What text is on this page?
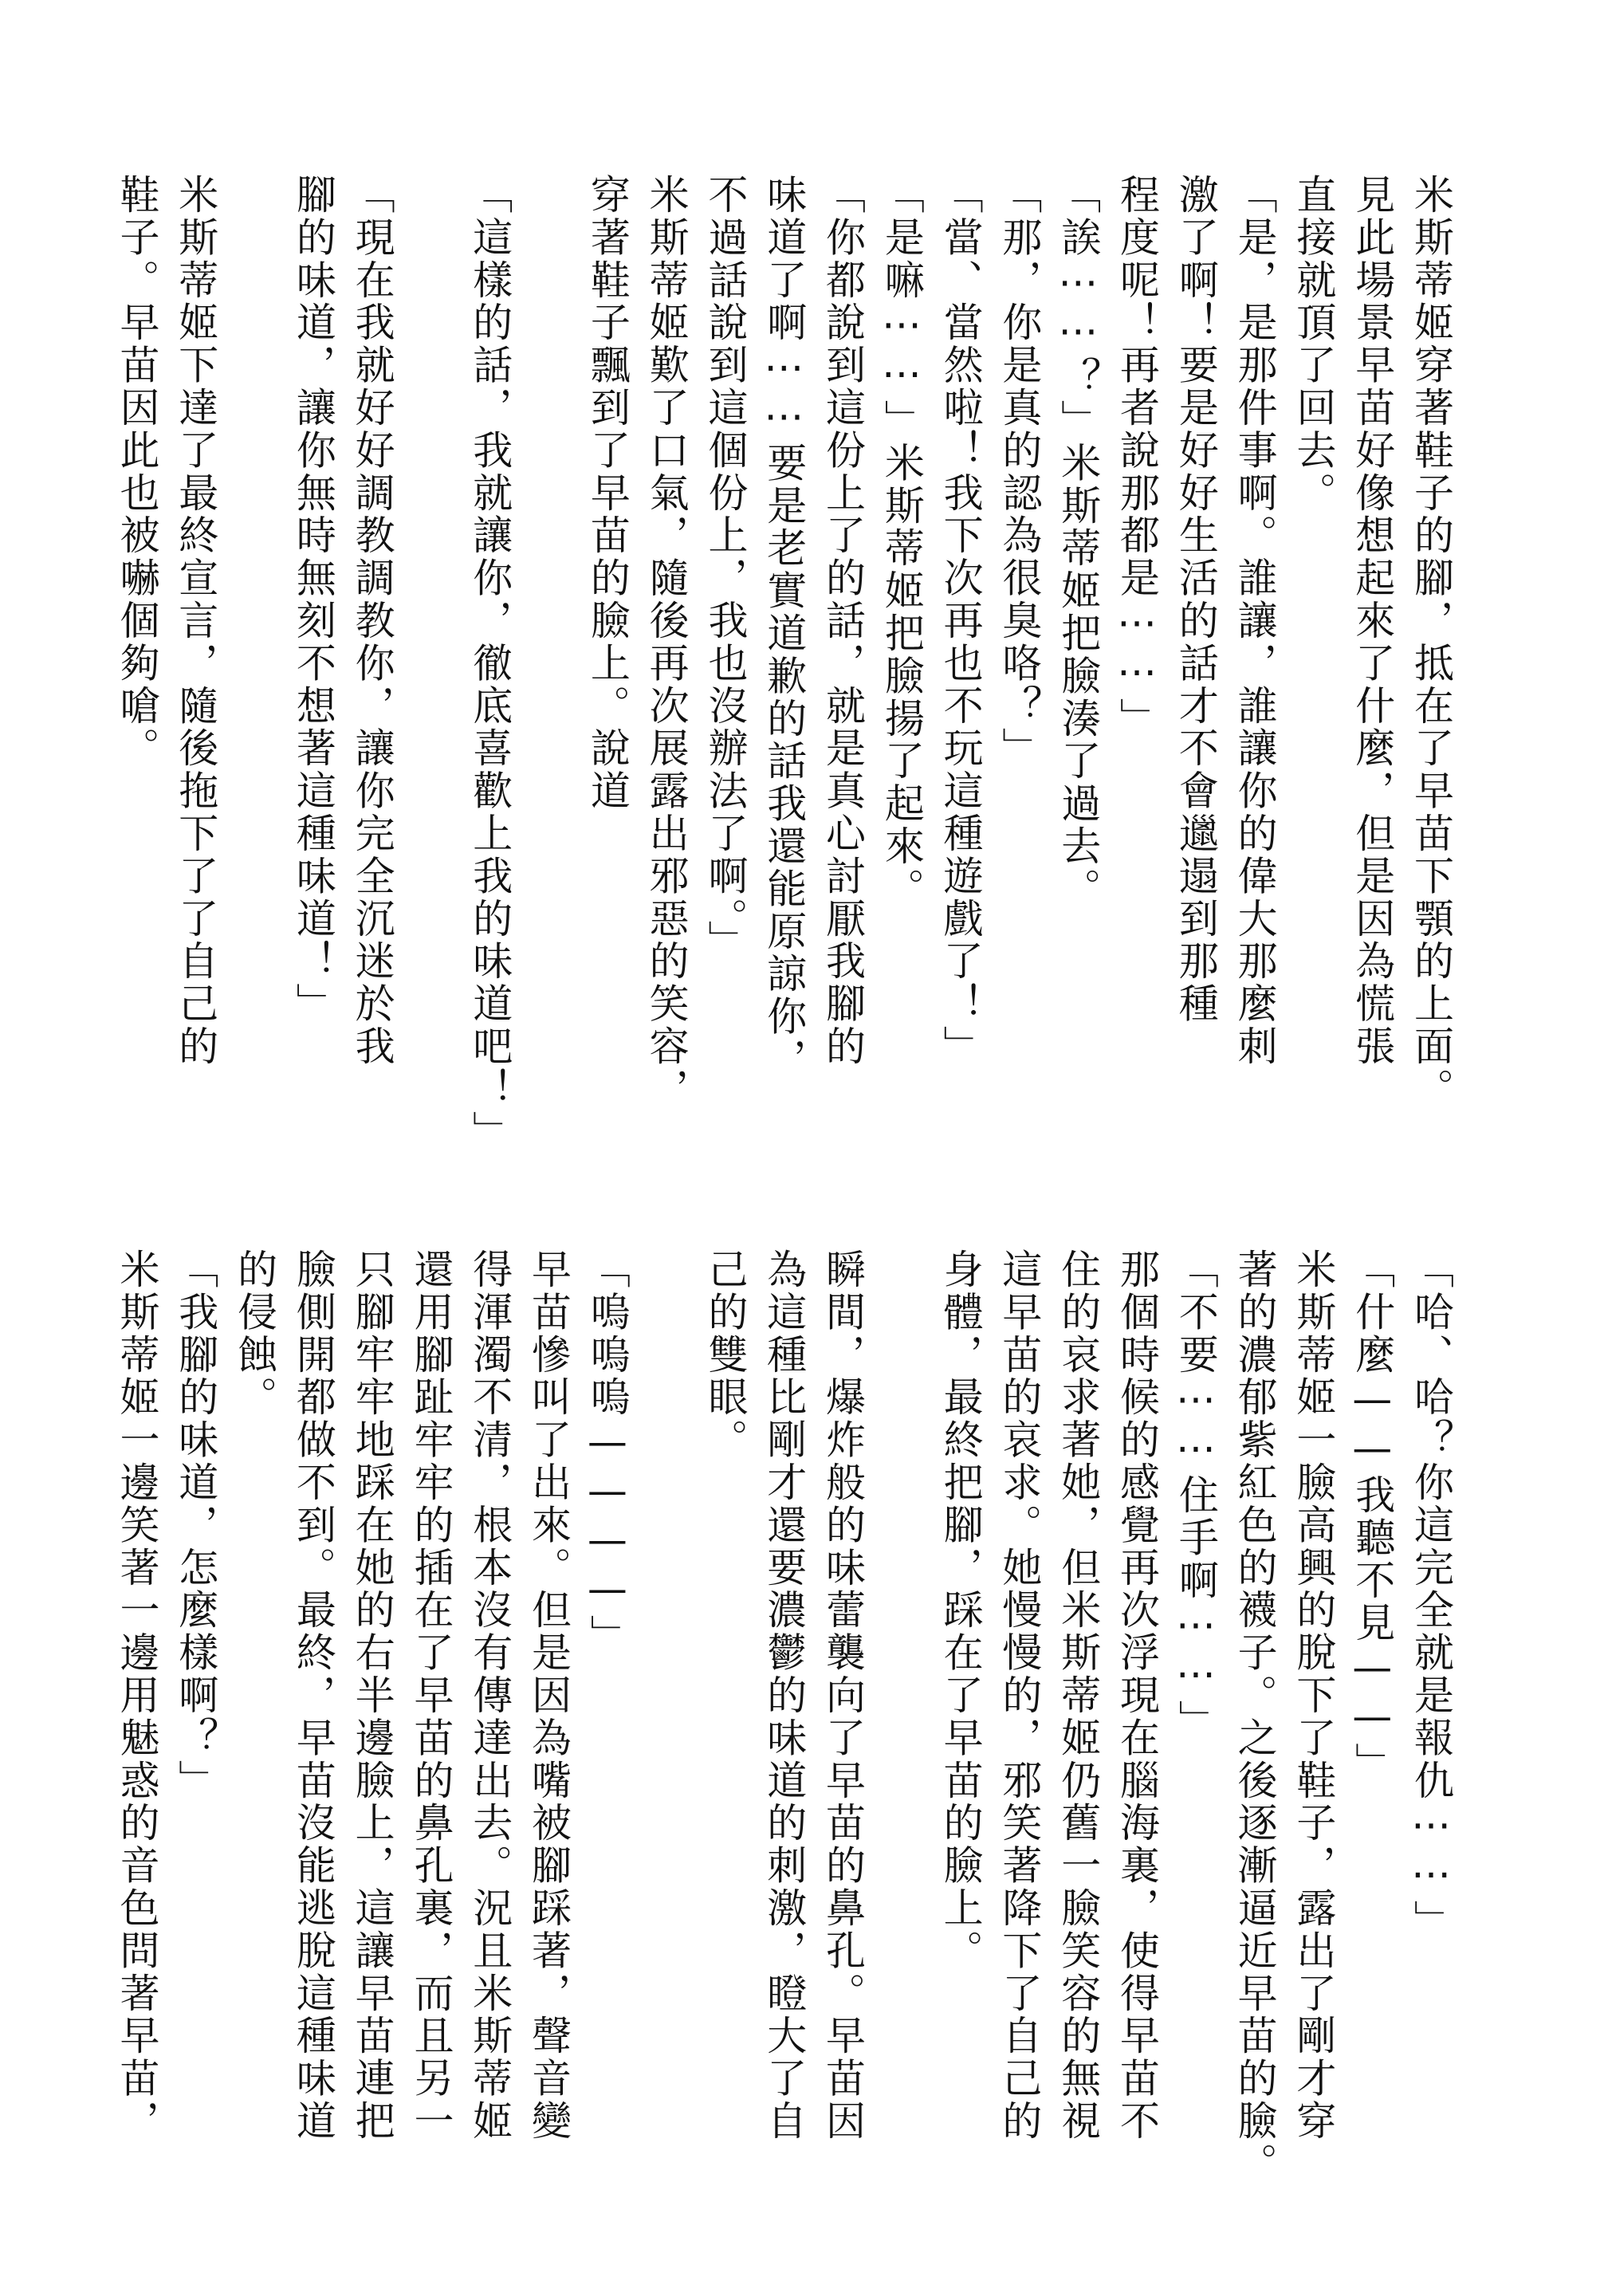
米斯蒂姬穿著鞋子的腳，抵在了早苗下顎的上面。
見此場景早苗好像想起來了什麼，但是因為慌張
直接就頂了回去。
「是，是那件事啊。誰讓，誰讓你的偉大那麼刺
激了啊！要是好好生活的話才不會邋遢到那種
程度呢！再者說那都是⋯⋯」
「誒⋯⋯？」米斯蒂姬把臉湊了過去。
「那，你是真的認為很臭咯？」
「當、當然啦！我下次再也不玩這種遊戲了！」
「是嘛⋯⋯」米斯蒂姬把臉揚了起來。
「你都說到這份上了的話，就是真心討厭我腳的
味道了啊⋯⋯要是老實道歉的話我還能原諒你，
不過話說到這個份上，我也沒辦法了啊。」
米斯蒂姬歎了口氣，隨後再次展露出邪惡的笑容，
穿著鞋子飄到了早苗的臉上。說道
「這樣的話，我就讓你，徹底喜歡上我的味道吧！」
「現在我就好好調教調教你，讓你完全沉迷於我
腳的味道，讓你無時無刻不想著這種味道！」
米斯蒂姬下達了最終宣言，隨後拖下了了自己的
鞋子。早苗因此也被嚇個夠嗆。
「哈、哈？你這完全就是報仇⋯⋯」
「什麼——我聽不見——」
米斯蒂姬一臉高興的脫下了鞋子，露出了剛才穿
著的濃郁紫紅色的襪子。之後逐漸逼近早苗的臉。
「不要⋯⋯住手啊⋯⋯」
那個時候的感覺再次浮現在腦海裏，使得早苗不
住的哀求著她，但米斯蒂姬仍舊一臉笑容的無視
這早苗的哀求。她慢慢的，邪笑著降下了自己的
身體，最終把腳，踩在了早苗的臉上。
瞬間，爆炸般的味蕾襲向了早苗的鼻孔。早苗因
為這種比剛才還要濃鬱的味道的刺激，瞪大了自
己的雙眼。
「嗚嗚嗚————」
早苗慘叫了出來。但是因為嘴被腳踩著，聲音變
得渾濁不清，根本沒有傳達出去。況且米斯蒂姬
還用腳趾牢牢的插在了早苗的鼻孔裏，而且另一
只腳牢牢地踩在她的右半邊臉上，這讓早苗連把
臉側開都做不到。最終，早苗沒能逃脫這種味道
的侵蝕。
「我腳的味道，怎麼樣啊？」
米斯蒂姬一邊笑著一邊用魅惑的音色問著早苗，
